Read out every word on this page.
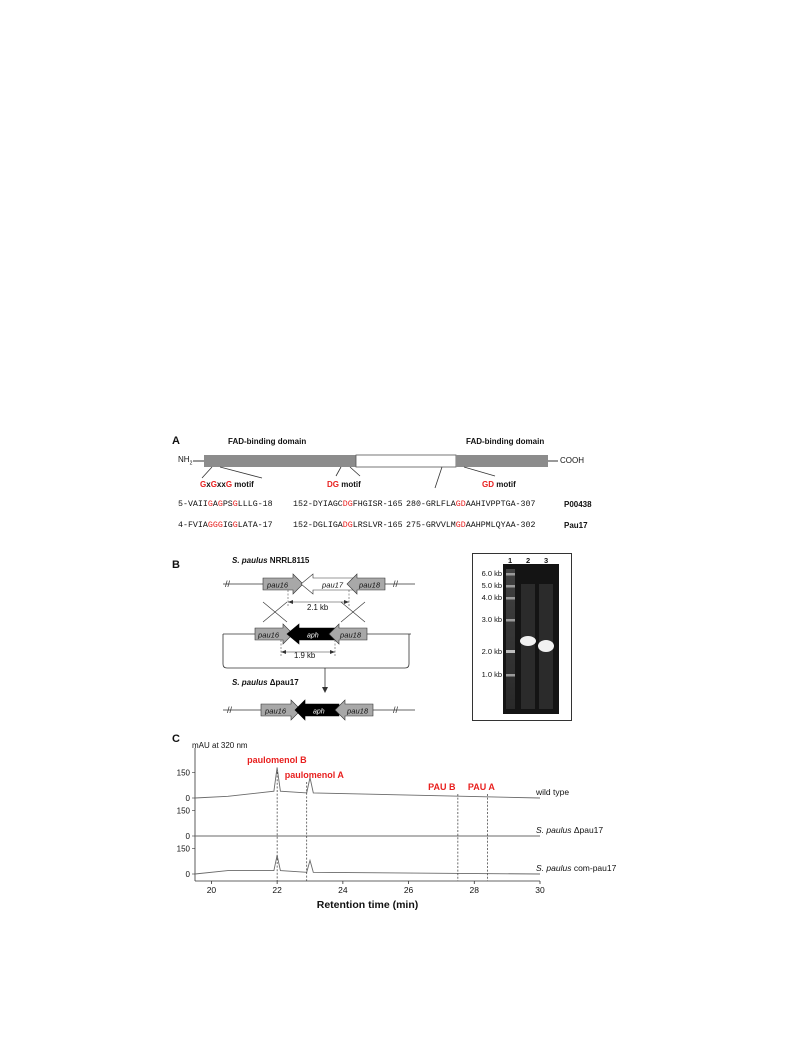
A	FAD-binding domain	FAD-binding domain
$NH_2$	COOH
GxGxxG motif	DG motif	GD motif
5-VAIIGAGPSGLLLG-18 152-DYIAGCDGFHGISR-165 280-GRLFLAGDAAHIVPPTGA-307	P00438
4-FVIAGGGIGGLATA-17 152-DGLIGADGLRSLVR-165 275-GRVVLMGDAAHPMLQYAA-302	Pau17
B	S. paulus NRRL8115
//	//
pau16	pau17 pau18
2.1 kb
pau16	aph	pau18
1.9 kb
//	//
pau16	aph	pau18
S. paulus Δpau17
1 2 3
6.0 kb
5.0 kb
4.0 kb
3.0 kb
2.0 kb
1.0 kb
C
mAU at 320 nm
20	22	24	26	28	30
Retention time (min)
0
150
0
150
0
150
wild type
S. paulus Δpau17
S. paulus com-pau17
paulomenol B
paulomenol A
PAU B PAU A
